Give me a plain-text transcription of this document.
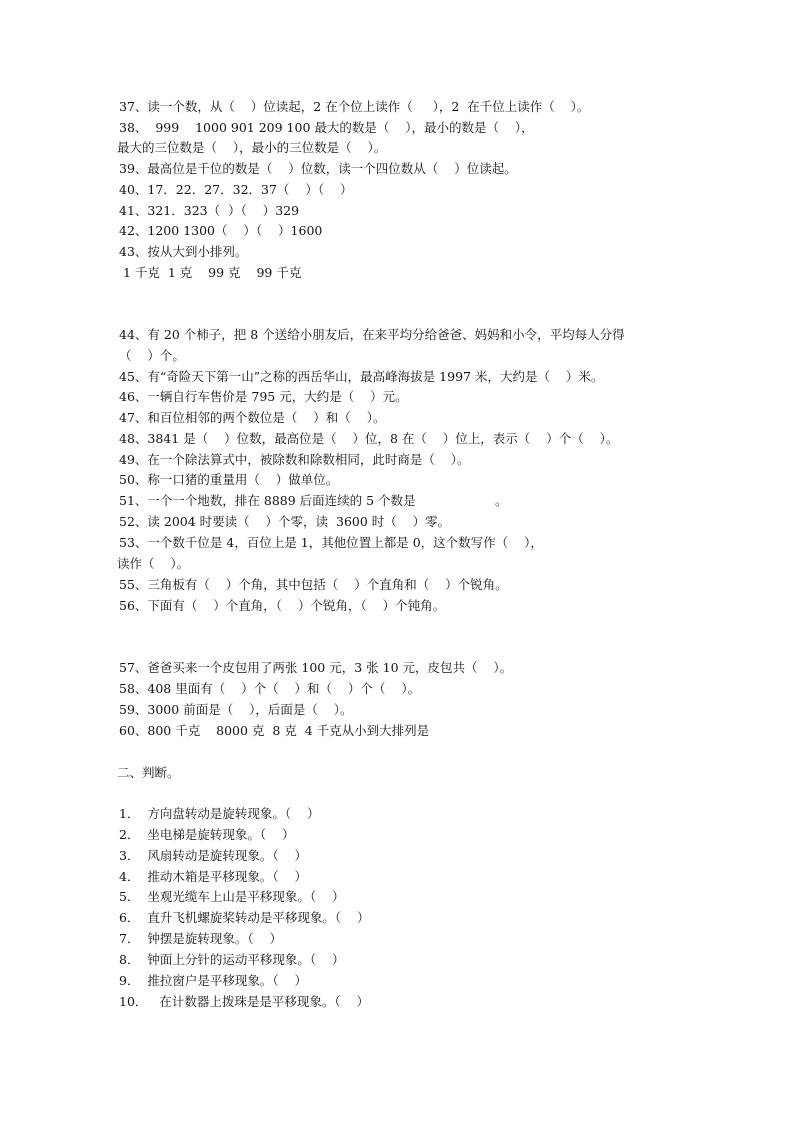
37、读一个数，从（    ）位读起，2 在个位上读作（     ），2  在千位上读作（    ）。
38、  999    1000 901 209 100 最大的数是（    ），最小的数是（    ），
最大的三位数是（    ），最小的三位数是（    ）。
39、最高位是千位的数是（    ）位数，读一个四位数从（    ）位读起。
40、17．22．27．32．37（    ）（    ）
41、321．323（  ）（    ）329
42、1200 1300（    ）（    ）1600
43、按从大到小排列。
1 千克  1 克    99 克    99 千克
44、有 20 个柿子，把 8 个送给小朋友后，在来平均分给爸爸、妈妈和小令，平均每人分得
（    ）个。
45、有“奇险天下第一山”之称的西岳华山，最高峰海拔是 1997 米，大约是（    ）米。
46、一辆自行车售价是 795 元，大约是（    ）元。
47、和百位相邻的两个数位是（    ）和（    ）。
48、3841 是（    ）位数，最高位是（    ）位，8 在（    ）位上，表示（    ）个（    ）。
49、在一个除法算式中，被除数和除数相同，此时商是（    ）。
50、称一口猪的重量用（    ）做单位。
51、一个一个地数，排在 8889 后面连续的 5 个数是                    。
52、读 2004 时要读（    ）个零，读  3600 时（    ）零。
53、一个数千位是 4，百位上是 1，其他位置上都是 0，这个数写作（    ），
读作（    ）。
55、三角板有（    ）个角，其中包括（    ）个直角和（    ）个锐角。
56、下面有（    ）个直角，（    ）个锐角，（    ）个钝角。
57、爸爸买来一个皮包用了两张 100 元，3 张 10 元，皮包共（    ）。
58、408 里面有（    ）个（    ）和（    ）个（    ）。
59、3000 前面是（    ），后面是（    ）。
60、800 千克    8000 克  8 克  4 千克从小到大排列是
二、判断。
1．  方向盘转动是旋转现象。（    ）
2．  坐电梯是旋转现象。（    ）
3．  风扇转动是旋转现象。（    ）
4．  推动木箱是平移现象。（    ）
5．  坐观光缆车上山是平移现象。（    ）
6．  直升飞机螺旋桨转动是平移现象。（    ）
7．  钟摆是旋转现象。（    ）
8．  钟面上分针的运动平移现象。（    ）
9．  推拉窗户是平移现象。（    ）
10．   在计数器上拨珠是是平移现象。（    ）
